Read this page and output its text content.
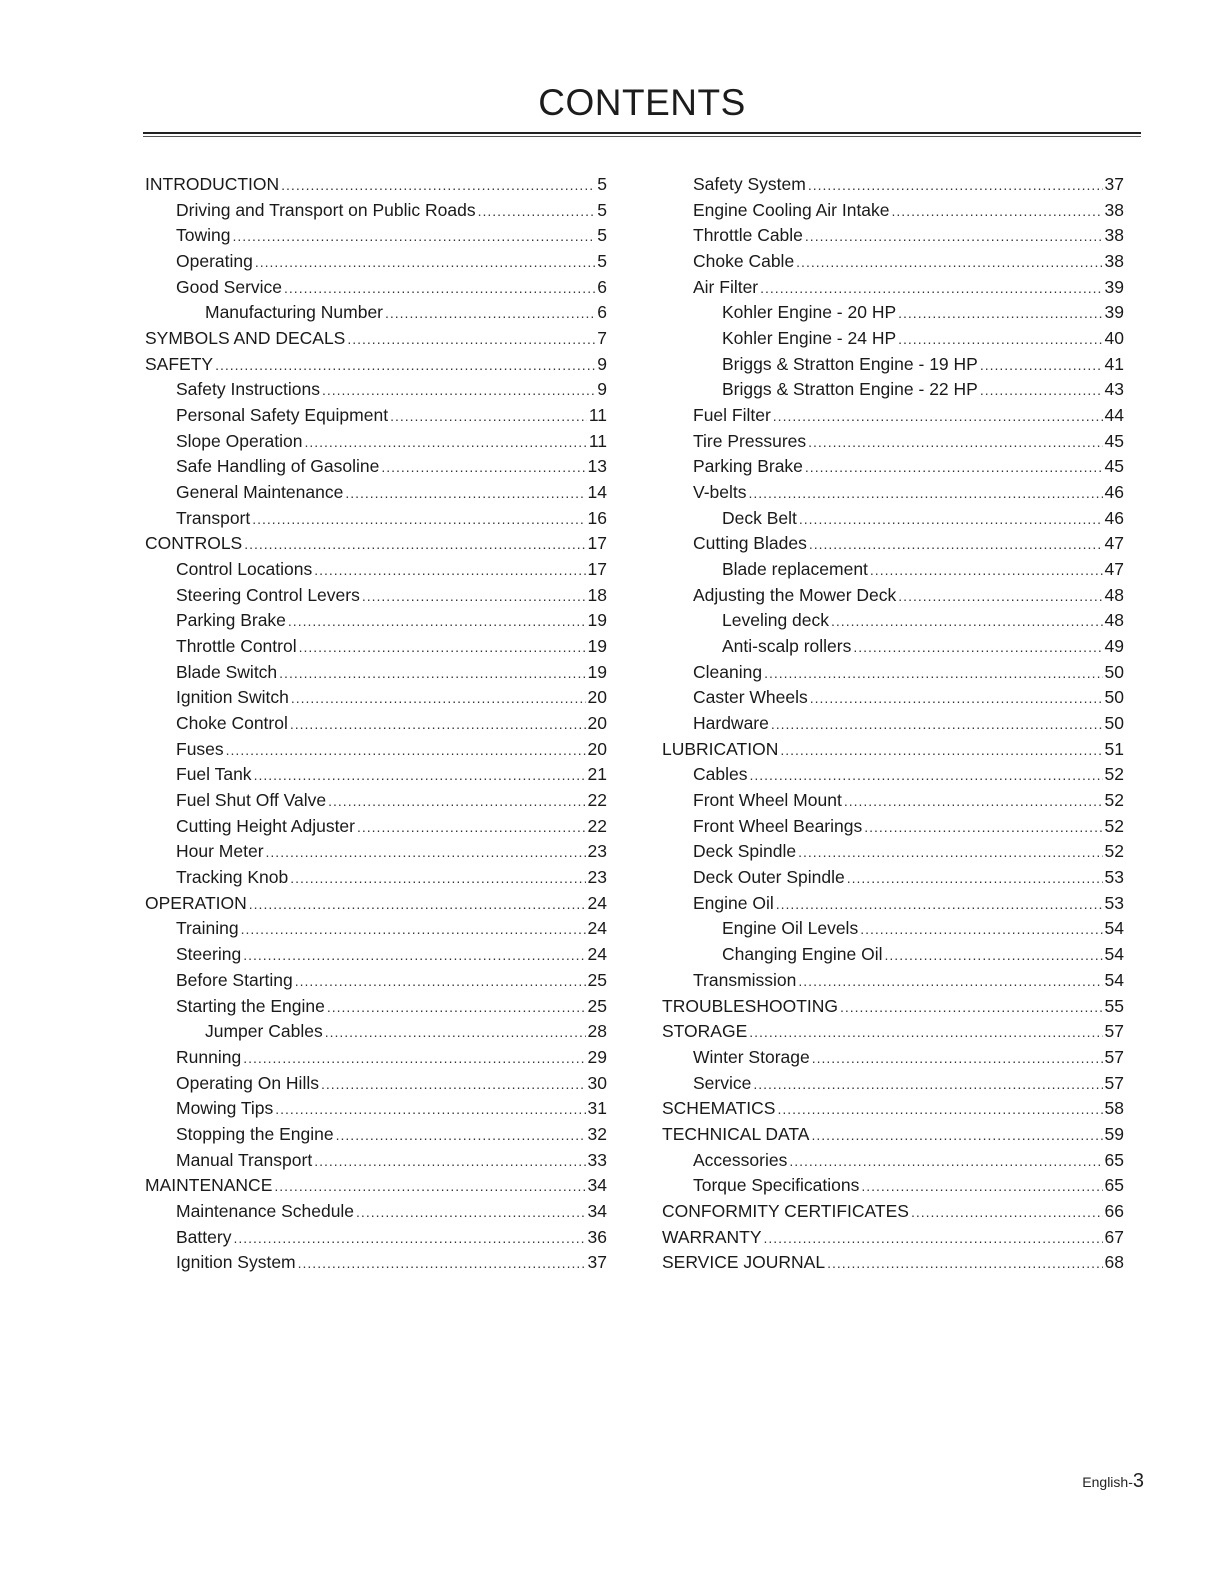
CONTENTS
INTRODUCTION .....	5
Driving and Transport on Public Roads .....	5
Towing .....	5
Operating .....	5
Good Service .....	6
Manufacturing Number .....	6
SYMBOLS AND DECALS .....	7
SAFETY .....	9
Safety Instructions .....	9
Personal Safety Equipment .....	11
Slope Operation .....	11
Safe Handling of Gasoline .....	13
General Maintenance .....	14
Transport .....	16
CONTROLS .....	17
Control Locations .....	17
Steering Control Levers .....	18
Parking Brake .....	19
Throttle Control .....	19
Blade Switch .....	19
Ignition Switch .....	20
Choke Control .....	20
Fuses .....	20
Fuel Tank .....	21
Fuel Shut Off Valve .....	22
Cutting Height Adjuster .....	22
Hour Meter .....	23
Tracking Knob .....	23
OPERATION .....	24
Training .....	24
Steering .....	24
Before Starting .....	25
Starting the Engine .....	25
Jumper Cables .....	28
Running .....	29
Operating On Hills .....	30
Mowing Tips .....	31
Stopping the Engine .....	32
Manual Transport .....	33
MAINTENANCE .....	34
Maintenance Schedule .....	34
Battery .....	36
Ignition System .....	37
Safety System .....	37
Engine Cooling Air Intake .....	38
Throttle Cable .....	38
Choke Cable .....	38
Air Filter .....	39
Kohler Engine - 20 HP .....	39
Kohler Engine - 24 HP .....	40
Briggs & Stratton Engine - 19 HP .....	41
Briggs & Stratton Engine - 22 HP .....	43
Fuel Filter .....	44
Tire Pressures .....	45
Parking Brake .....	45
V-belts .....	46
Deck Belt .....	46
Cutting Blades .....	47
Blade replacement .....	47
Adjusting the Mower Deck .....	48
Leveling deck .....	48
Anti-scalp rollers .....	49
Cleaning .....	50
Caster Wheels .....	50
Hardware .....	50
LUBRICATION .....	51
Cables .....	52
Front Wheel Mount .....	52
Front Wheel Bearings .....	52
Deck Spindle .....	52
Deck Outer Spindle .....	53
Engine Oil .....	53
Engine Oil Levels .....	54
Changing Engine Oil .....	54
Transmission .....	54
TROUBLESHOOTING .....	55
STORAGE .....	57
Winter Storage .....	57
Service .....	57
SCHEMATICS .....	58
TECHNICAL DATA .....	59
Accessories .....	65
Torque Specifications .....	65
CONFORMITY CERTIFICATES .....	66
WARRANTY .....	67
SERVICE JOURNAL .....	68
English-3
